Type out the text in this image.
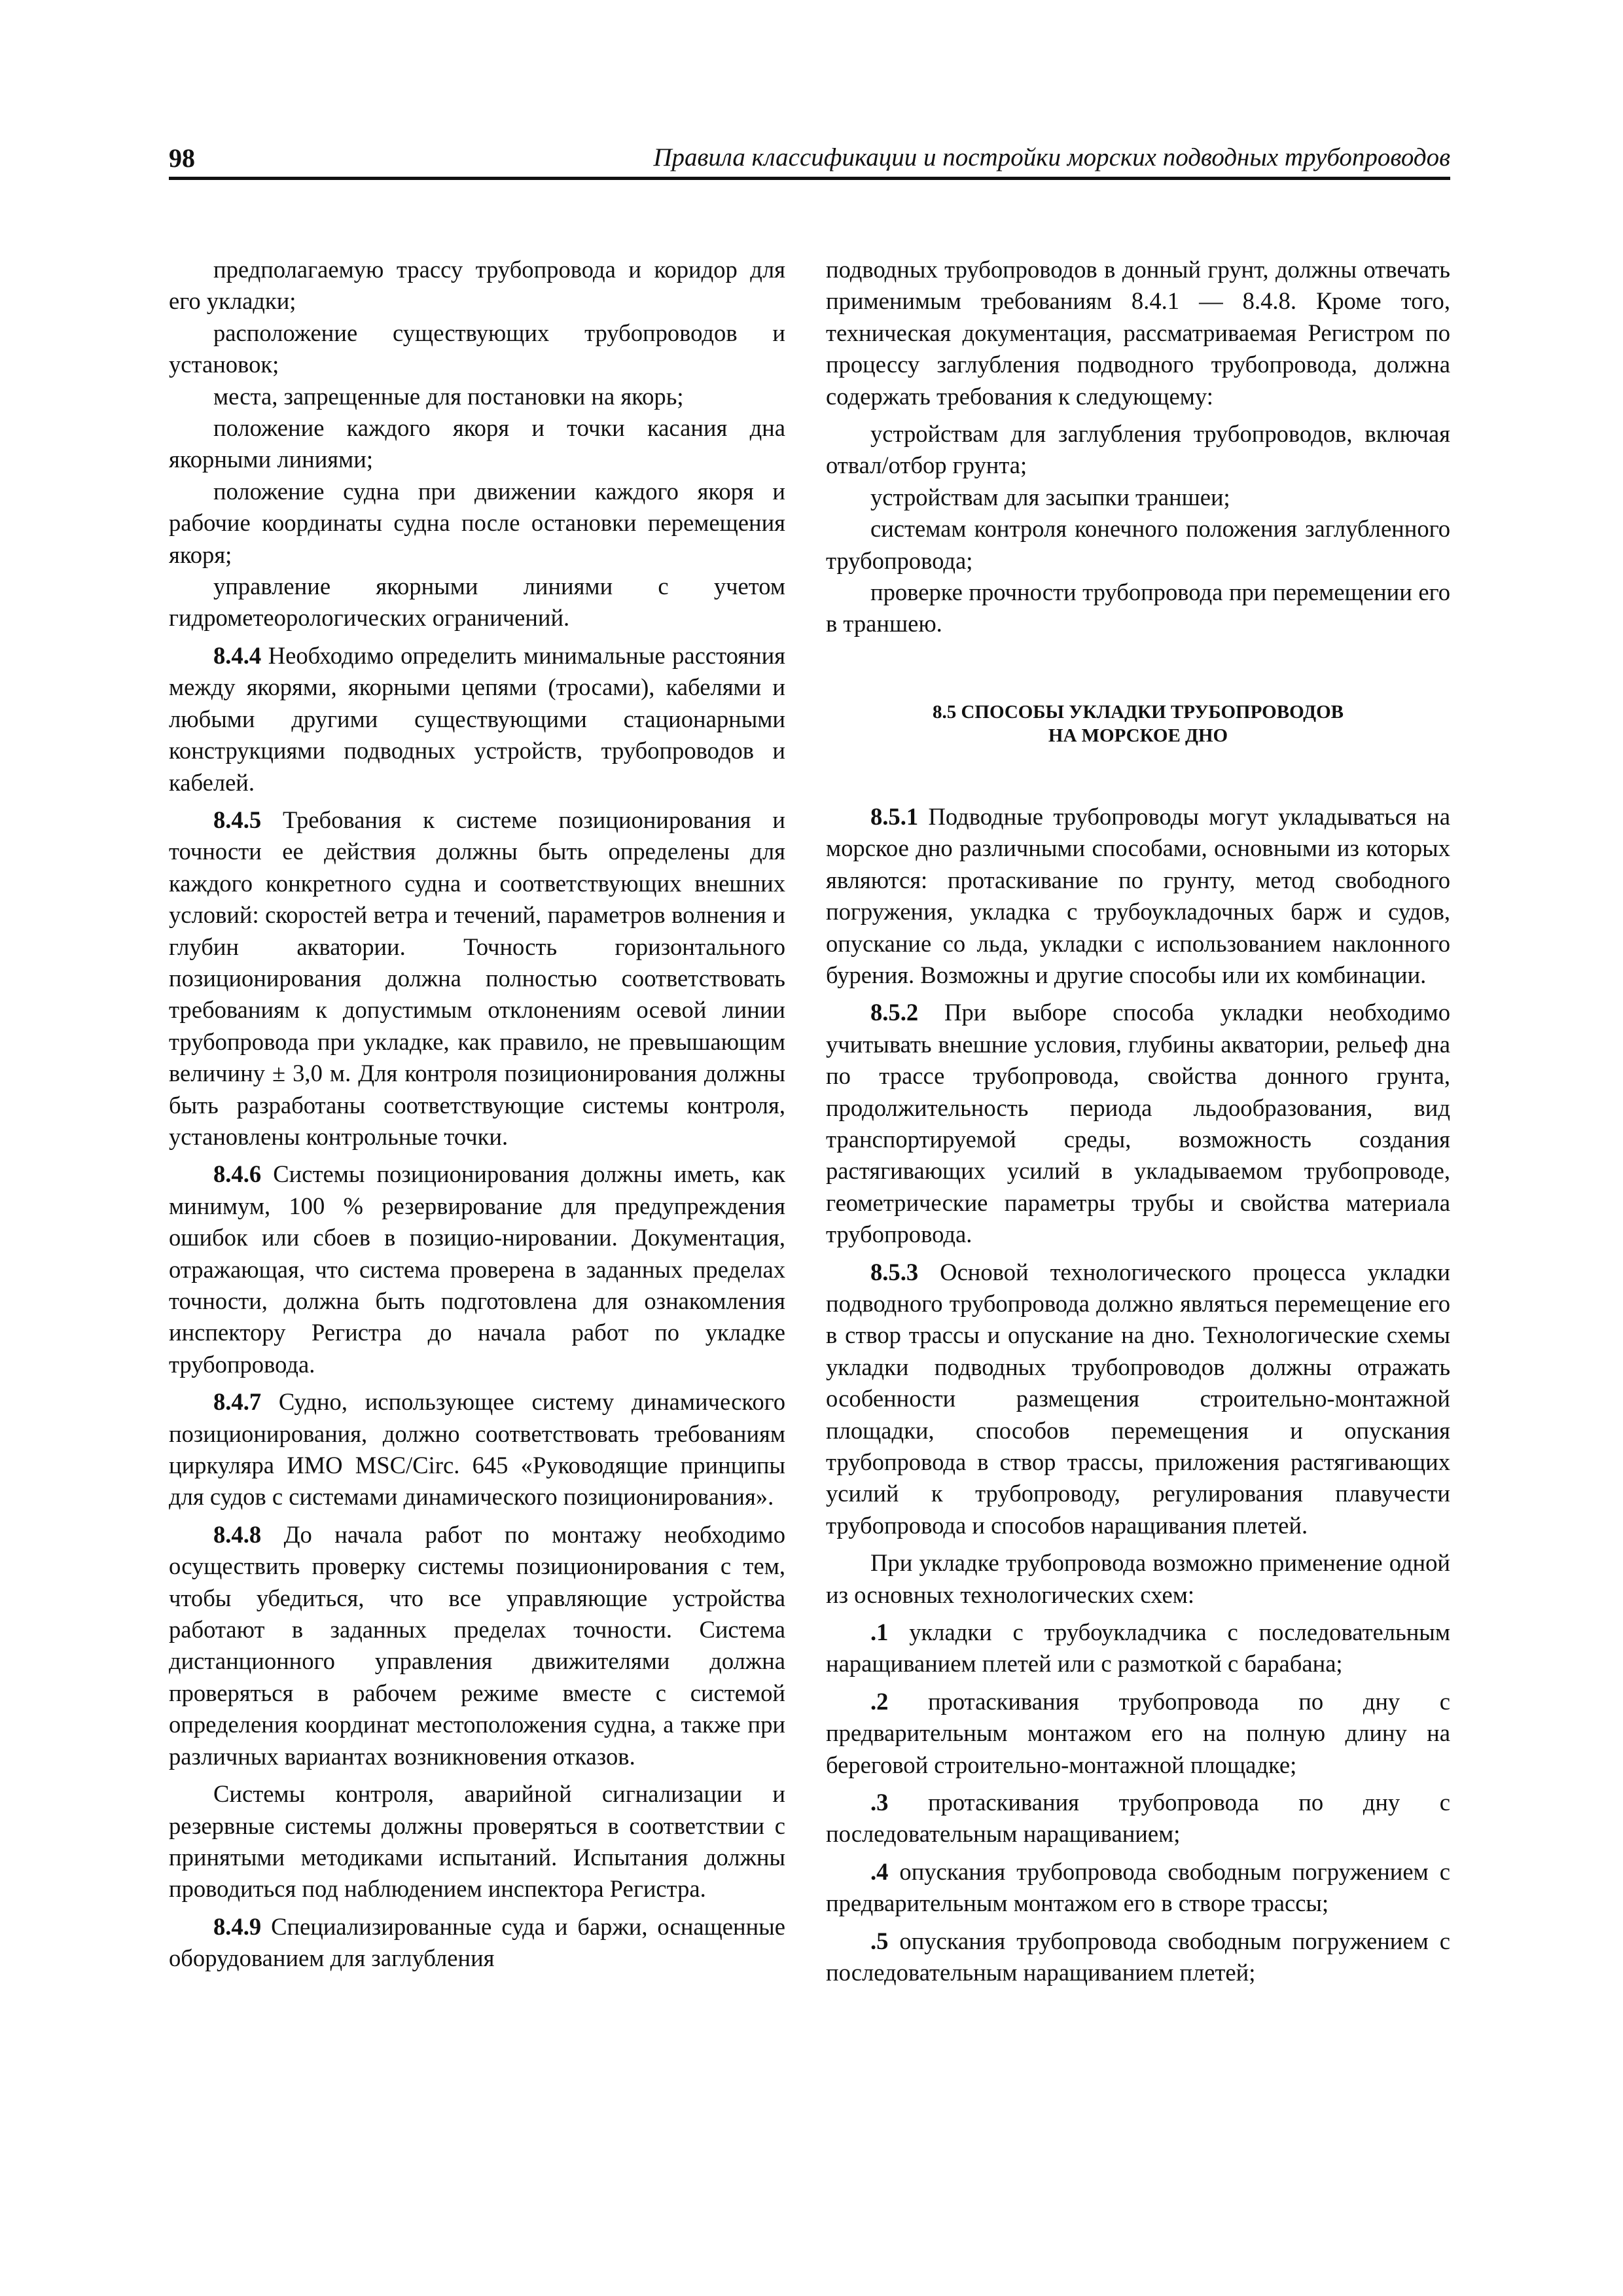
98	Правила классификации и постройки морских подводных трубопроводов

предполагаемую трассу трубопровода и коридор для его укладки;

расположение существующих трубопроводов и установок;

места, запрещенные для постановки на якорь;

положение каждого якоря и точки касания дна якорными линиями;

положение судна при движении каждого якоря и рабочие координаты судна после остановки перемещения якоря;

управление якорными линиями с учетом гидрометеорологических ограничений.

8.4.4 Необходимо определить минимальные расстояния между якорями, якорными цепями (тросами), кабелями и любыми другими существующими стационарными конструкциями подводных устройств, трубопроводов и кабелей.

8.4.5 Требования к системе позиционирования и точности ее действия должны быть определены для каждого конкретного судна и соответствующих внешних условий: скоростей ветра и течений, параметров волнения и глубин акватории. Точность горизонтального позиционирования должна полностью соответствовать требованиям к допустимым отклонениям осевой линии трубопровода при укладке, как правило, не превышающим величину ± 3,0 м. Для контроля позиционирования должны быть разработаны соответствующие системы контроля, установлены контрольные точки.

8.4.6 Системы позиционирования должны иметь, как минимум, 100 % резервирование для предупреждения ошибок или сбоев в позицио-нировании. Документация, отражающая, что система проверена в заданных пределах точности, должна быть подготовлена для ознакомления инспектору Регистра до начала работ по укладке трубопровода.

8.4.7 Судно, использующее систему динамического позиционирования, должно соответствовать требованиям циркуляра ИМО MSC/Circ. 645 «Руководящие принципы для судов с системами динамического позиционирования».

8.4.8 До начала работ по монтажу необходимо осуществить проверку системы позиционирования с тем, чтобы убедиться, что все управляющие устройства работают в заданных пределах точности. Система дистанционного управления движителями должна проверяться в рабочем режиме вместе с системой определения координат местоположения судна, а также при различных вариантах возникновения отказов.

Системы контроля, аварийной сигнализации и резервные системы должны проверяться в соответствии с принятыми методиками испытаний. Испытания должны проводиться под наблюдением инспектора Регистра.

8.4.9 Специализированные суда и баржи, оснащенные оборудованием для заглубления

подводных трубопроводов в донный грунт, должны отвечать применимым требованиям 8.4.1 — 8.4.8. Кроме того, техническая документация, рассматриваемая Регистром по процессу заглубления подводного трубопровода, должна содержать требования к следующему:

устройствам для заглубления трубопроводов, включая отвал/отбор грунта;

устройствам для засыпки траншеи;

системам контроля конечного положения заглубленного трубопровода;

проверке прочности трубопровода при перемещении его в траншею.

8.5 СПОСОБЫ УКЛАДКИ ТРУБОПРОВОДОВ
НА МОРСКОЕ ДНО

8.5.1 Подводные трубопроводы могут укладываться на морское дно различными способами, основными из которых являются: протаскивание по грунту, метод свободного погружения, укладка с трубоукладочных барж и судов, опускание со льда, укладки с использованием наклонного бурения. Возможны и другие способы или их комбинации.

8.5.2 При выборе способа укладки необходимо учитывать внешние условия, глубины акватории, рельеф дна по трассе трубопровода, свойства донного грунта, продолжительность периода льдообразования, вид транспортируемой среды, возможность создания растягивающих усилий в укладываемом трубопроводе, геометрические параметры трубы и свойства материала трубопровода.

8.5.3 Основой технологического процесса укладки подводного трубопровода должно являться перемещение его в створ трассы и опускание на дно. Технологические схемы укладки подводных трубопроводов должны отражать особенности размещения строительно-монтажной площадки, способов перемещения и опускания трубопровода в створ трассы, приложения растягивающих усилий к трубопроводу, регулирования плавучести трубопровода и способов наращивания плетей.

При укладке трубопровода возможно применение одной из основных технологических схем:

.1 укладки с трубоукладчика с последовательным наращиванием плетей или с размоткой с барабана;

.2 протаскивания трубопровода по дну с предварительным монтажом его на полную длину на береговой строительно-монтажной площадке;

.3 протаскивания трубопровода по дну с последовательным наращиванием;

.4 опускания трубопровода свободным погружением с предварительным монтажом его в створе трассы;

.5 опускания трубопровода свободным погружением с последовательным наращиванием плетей;
